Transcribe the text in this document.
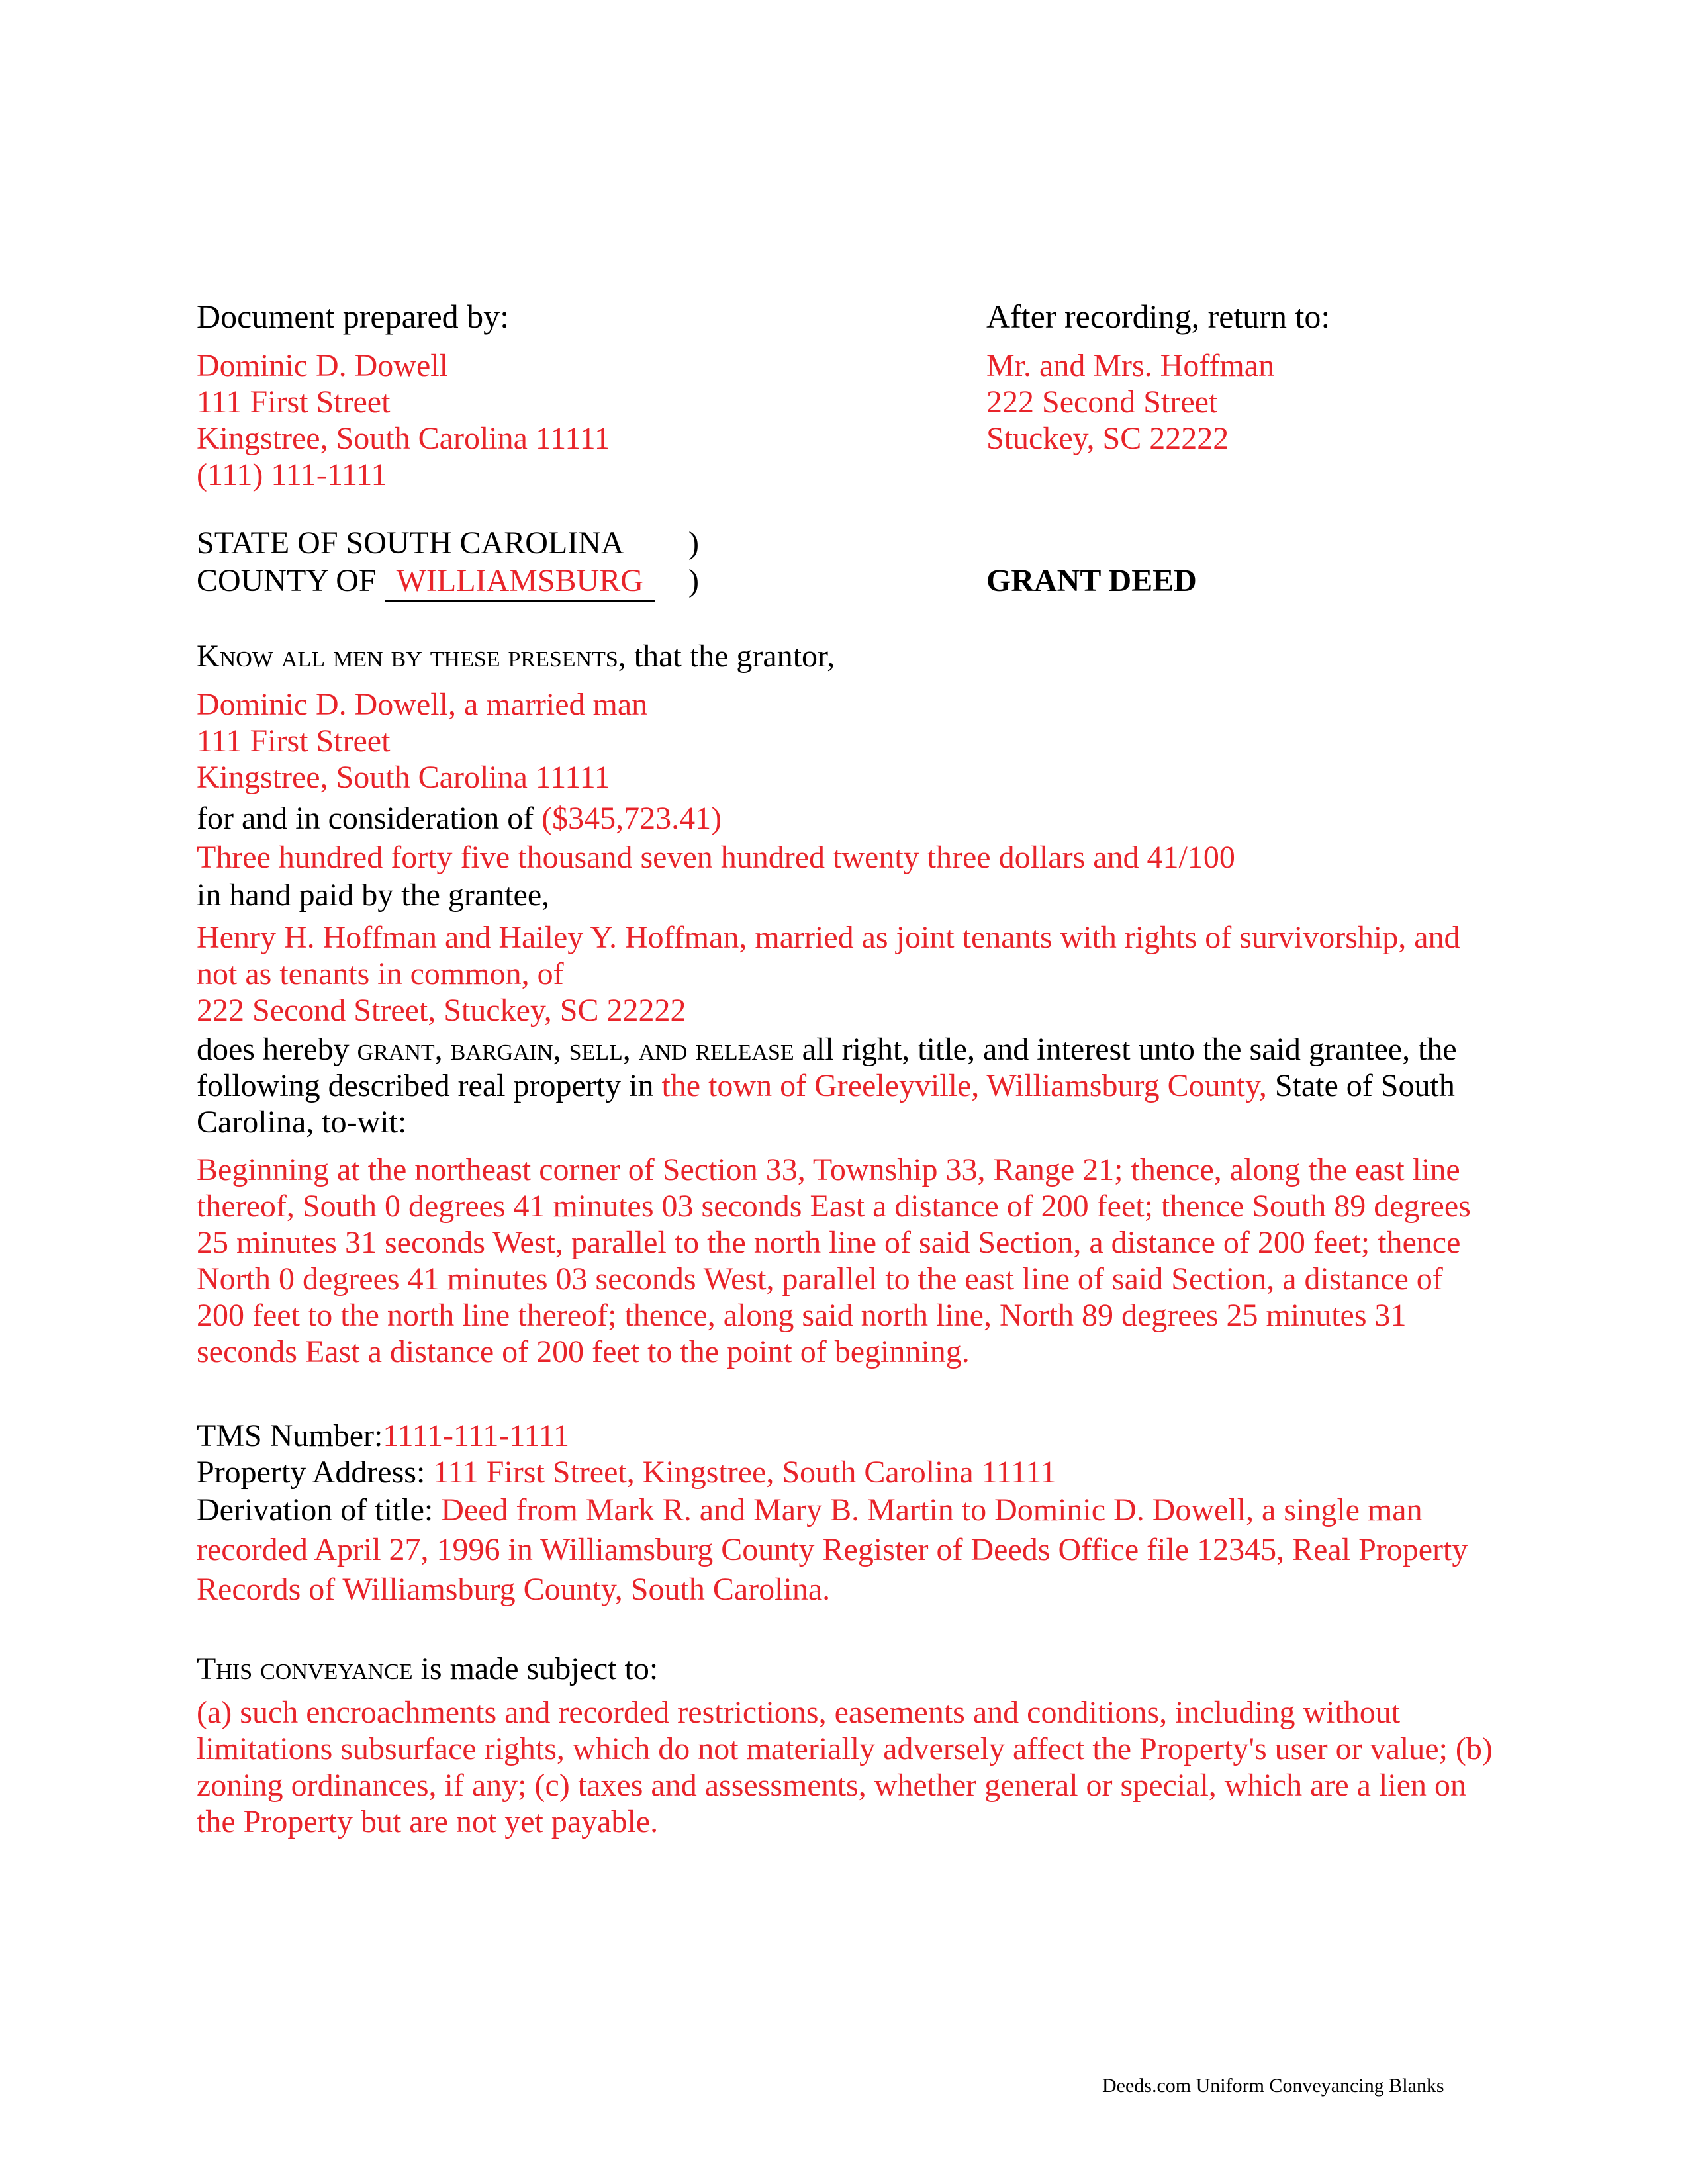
Document prepared by:
Dominic D. Dowell
111 First Street
Kingstree, South Carolina 11111
(111) 111-1111
After recording, return to:
Mr. and Mrs. Hoffman
222 Second Street
Stuckey, SC 22222
STATE OF SOUTH CAROLINA )
COUNTY OF WILLIAMSBURG	)	GRANT DEED
Know all men by these presents, that the grantor,
Dominic D. Dowell, a married man
111 First Street
Kingstree, South Carolina 11111
for and in consideration of ($345,723.41)
Three hundred forty five thousand seven hundred twenty three dollars and 41/100
in hand paid by the grantee,
Henry H. Hoffman and Hailey Y. Hoffman, married as joint tenants with rights of survivorship, and not as tenants in common, of
222 Second Street, Stuckey, SC 22222
does hereby grant, bargain, sell, and release all right, title, and interest unto the said grantee, the following described real property in the town of Greeleyville, Williamsburg County, State of South Carolina, to-wit:
Beginning at the northeast corner of Section 33, Township 33, Range 21; thence, along the east line thereof, South 0 degrees 41 minutes 03 seconds East a distance of 200 feet; thence South 89 degrees 25 minutes 31 seconds West, parallel to the north line of said Section, a distance of 200 feet; thence North 0 degrees 41 minutes 03 seconds West, parallel to the east line of said Section, a distance of 200 feet to the north line thereof; thence, along said north line, North 89 degrees 25 minutes 31 seconds East a distance of 200 feet to the point of beginning.
TMS Number:1111-111-1111
Property Address: 111 First Street, Kingstree, South Carolina 11111
Derivation of title: Deed from Mark R. and Mary B. Martin to Dominic D. Dowell, a single man recorded April 27, 1996 in Williamsburg County Register of Deeds Office file 12345, Real Property Records of Williamsburg County, South Carolina.
This conveyance is made subject to:
(a) such encroachments and recorded restrictions, easements and conditions, including without limitations subsurface rights, which do not materially adversely affect the Property's user or value; (b) zoning ordinances, if any; (c) taxes and assessments, whether general or special, which are a lien on the Property but are not yet payable.
Deeds.com Uniform Conveyancing Blanks
